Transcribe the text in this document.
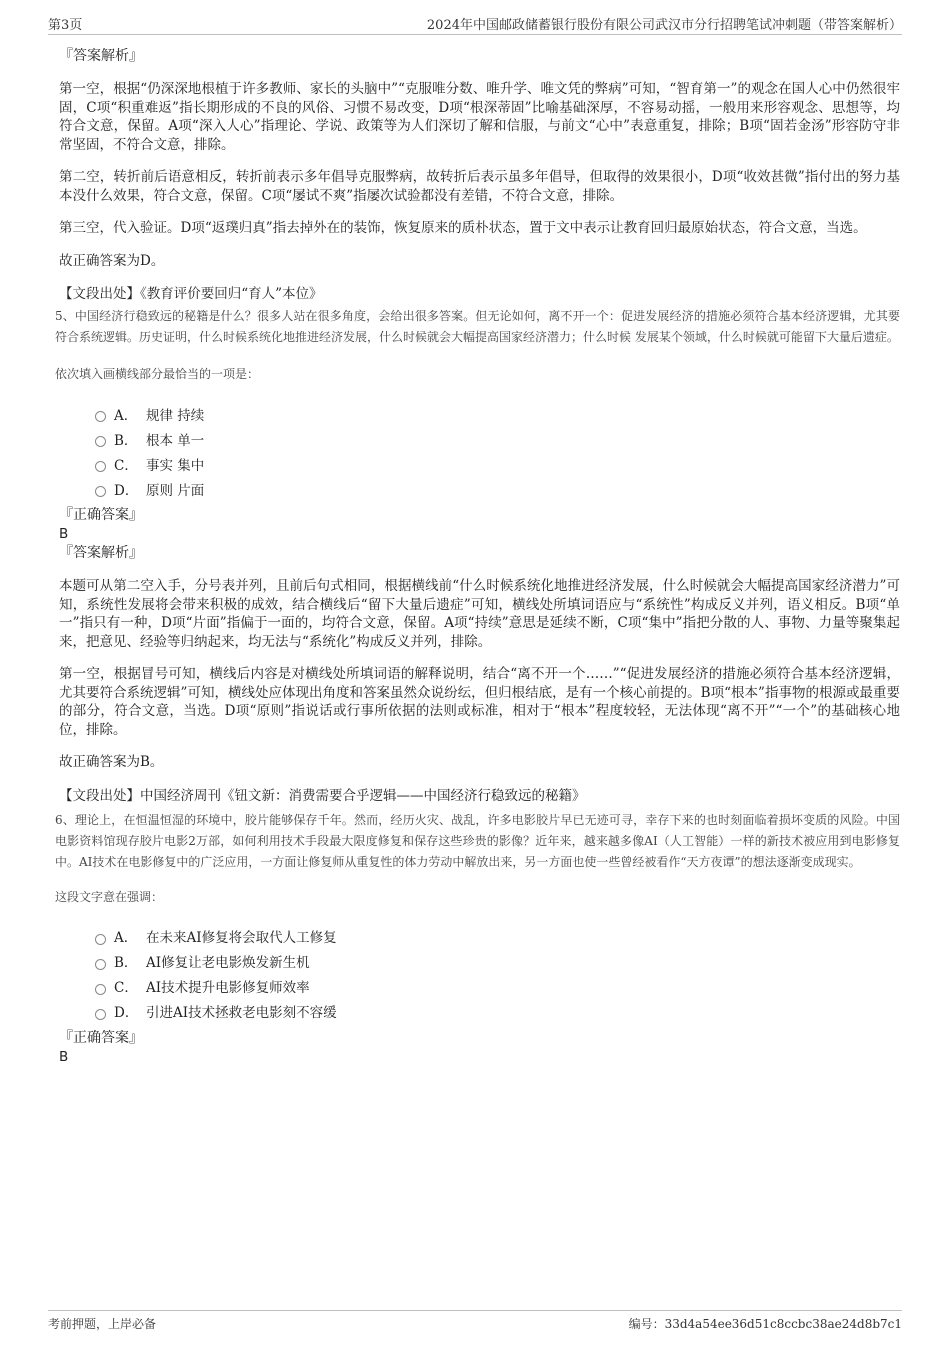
第3页	2024年中国邮政储蓄银行股份有限公司武汉市分行招聘笔试冲刺题（带答案解析）
『答案解析』

第一空，根据“仍深深地根植于许多教师、家长的头脑中”“克服唯分数、唯升学、唯文凭的弊病”可知，“智育第一”的观念在国人心中仍然很牢固，C项“积重难返”指长期形成的不良的风俗、习惯不易改变，D项“根深蒂固”比喻基础深厚，不容易动摇，一般用来形容观念、思想等，均符合文意，保留。A项“深入人心”指理论、学说、政策等为人们深切了解和信服，与前文“心中”表意重复，排除；B项“固若金汤”形容防守非常坚固，不符合文意，排除。

第二空，转折前后语意相反，转折前表示多年倡导克服弊病，故转折后表示虽多年倡导，但取得的效果很小，D项“收效甚微”指付出的努力基本没什么效果，符合文意，保留。C项“屡试不爽”指屡次试验都没有差错，不符合文意，排除。

第三空，代入验证。D项“返璞归真”指去掉外在的装饰，恢复原来的质朴状态，置于文中表示让教育回归最原始状态，符合文意，当选。

故正确答案为D。

【文段出处】《教育评价要回归“育人”本位》

5、中国经济行稳致远的秘籍是什么？很多人站在很多角度，会给出很多答案。但无论如何，离不开一个：促进发展经济的措施必须符合基本经济逻辑，尤其要符合系统逻辑。历史证明，什么时候系统化地推进经济发展，什么时候就会大幅提高国家经济潜力；什么时候 发展某个领域，什么时候就可能留下大量后遗症。

依次填入画横线部分最恰当的一项是：

A． 规律 持续
B． 根本 单一
C． 事实 集中
D． 原则 片面
『正确答案』
B
『答案解析』

本题可从第二空入手，分号表并列，且前后句式相同，根据横线前“什么时候系统化地推进经济发展，什么时候就会大幅提高国家经济潜力”可知，系统性发展将会带来积极的成效，结合横线后“留下大量后遗症”可知，横线处所填词语应与“系统性”构成反义并列，语义相反。B项“单一”指只有一种，D项“片面”指偏于一面的，均符合文意，保留。A项“持续”意思是延续不断，C项“集中”指把分散的人、事物、力量等聚集起来，把意见、经验等归纳起来，均无法与“系统化”构成反义并列，排除。

第一空，根据冒号可知，横线后内容是对横线处所填词语的解释说明，结合“离不开一个……”“促进发展经济的措施必须符合基本经济逻辑，尤其要符合系统逻辑”可知，横线处应体现出角度和答案虽然众说纷纭，但归根结底，是有一个核心前提的。B项“根本”指事物的根源或最重要的部分，符合文意，当选。D项“原则”指说话或行事所依据的法则或标准，相对于“根本”程度较轻，无法体现“离不开”“一个”的基础核心地位，排除。

故正确答案为B。

【文段出处】中国经济周刊《钮文新：消费需要合乎逻辑——中国经济行稳致远的秘籍》

6、理论上，在恒温恒湿的环境中，胶片能够保存千年。然而，经历火灾、战乱，许多电影胶片早已无迹可寻，幸存下来的也时刻面临着损坏变质的风险。中国电影资料馆现存胶片电影2万部，如何利用技术手段最大限度修复和保存这些珍贵的影像？近年来，越来越多像AI（人工智能）一样的新技术被应用到电影修复中。AI技术在电影修复中的广泛应用，一方面让修复师从重复性的体力劳动中解放出来，另一方面也使一些曾经被看作“天方夜谭”的想法逐渐变成现实。

这段文字意在强调：

A． 在未来AI修复将会取代人工修复
B． AI修复让老电影焕发新生机
C． AI技术提升电影修复师效率
D． 引进AI技术拯救老电影刻不容缓
『正确答案』
B
考前押题，上岸必备	编号：33d4a54ee36d51c8ccbc38ae24d8b7c1
